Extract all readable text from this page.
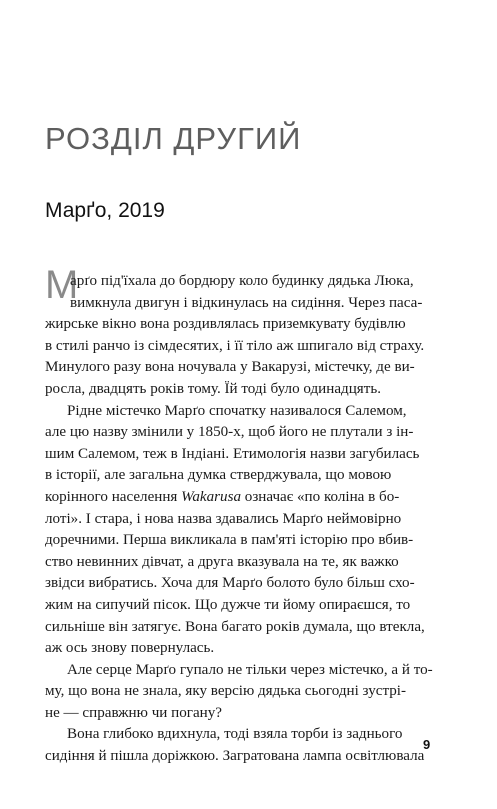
РОЗДІЛ ДРУГИЙ
Марґо, 2019
М
арґо під'їхала до бордюру коло будинку дядька Люка,
вимкнула двигун і відкинулась на сидіння. Через паса-
жирське вікно вона роздивлялась приземкувату будівлю
в стилі ранчо із сімдесятих, і її тіло аж шпигало від страху.
Минулого разу вона ночувала у Вакарузі, містечку, де ви-
росла, двадцять років тому. Їй тоді було одинадцять.
Рідне містечко Марґо спочатку називалося Салемом,
але цю назву змінили у 1850-х, щоб його не плутали з ін-
шим Салемом, теж в Індіані. Етимологія назви загубилась
в історії, але загальна думка стверджувала, що мовою
корінного населення Wakarusa означає «по коліна в бо-
лоті». І стара, і нова назва здавались Марґо неймовірно
доречними. Перша викликала в пам'яті історію про вбив-
ство невинних дівчат, а друга вказувала на те, як важко
звідси вибратись. Хоча для Марґо болото було більш схо-
жим на сипучий пісок. Що дужче ти йому опираєшся, то
сильніше він затягує. Вона багато років думала, що втекла,
аж ось знову повернулась.
Але серце Марґо гупало не тільки через містечко, а й то-
му, що вона не знала, яку версію дядька сьогодні зустрі-
не — справжню чи погану?
Вона глибоко вдихнула, тоді взяла торби із заднього
сидіння й пішла доріжкою. Загратована лампа освітлювала
9
